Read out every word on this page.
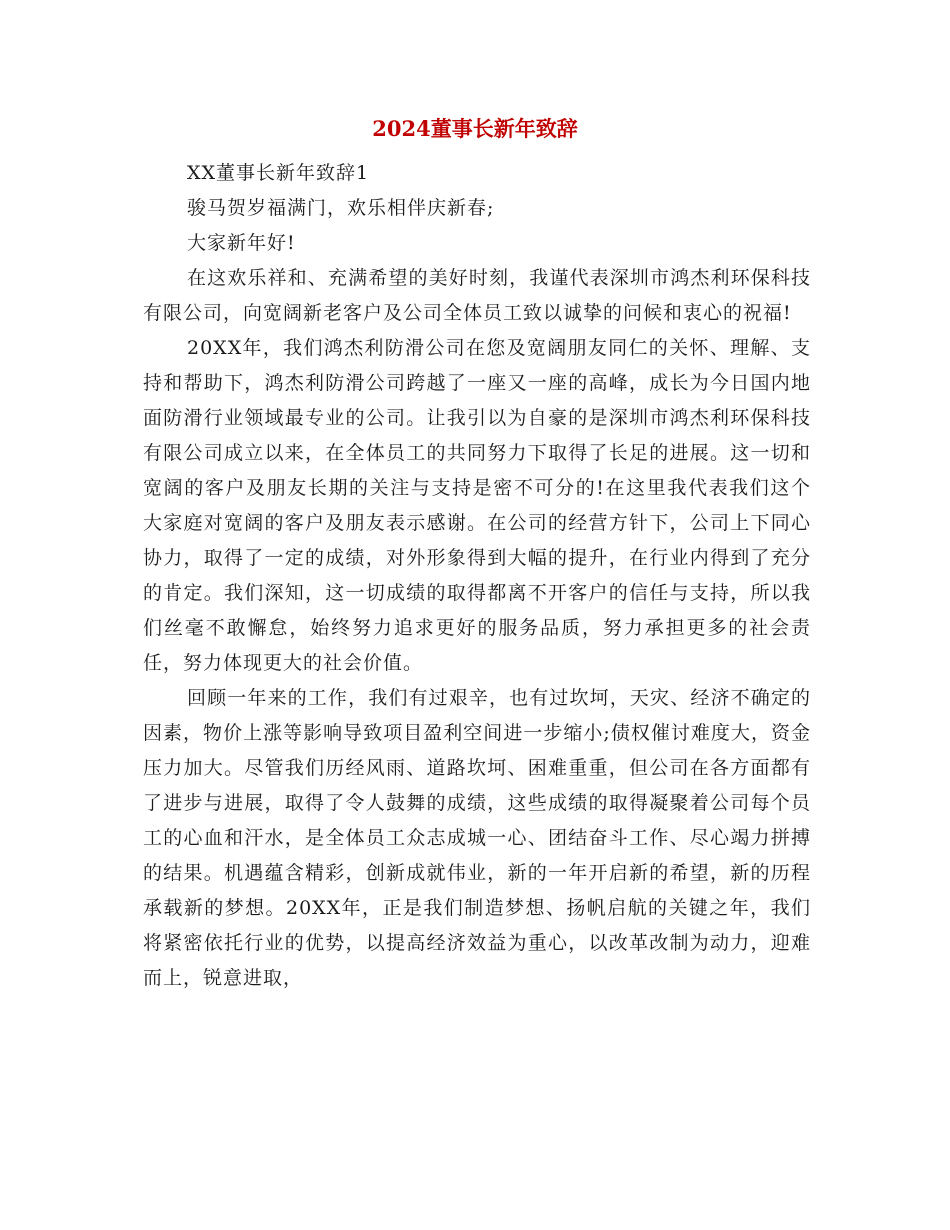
2024董事长新年致辞

XX董事长新年致辞1

骏马贺岁福满门，欢乐相伴庆新春;

大家新年好!

在这欢乐祥和、充满希望的美好时刻，我谨代表深圳市鸿杰利环保科技有限公司，向宽阔新老客户及公司全体员工致以诚挚的问候和衷心的祝福!

20XX年，我们鸿杰利防滑公司在您及宽阔朋友同仁的关怀、理解、支持和帮助下，鸿杰利防滑公司跨越了一座又一座的高峰，成长为今日国内地面防滑行业领域最专业的公司。让我引以为自豪的是深圳市鸿杰利环保科技有限公司成立以来，在全体员工的共同努力下取得了长足的进展。这一切和宽阔的客户及朋友长期的关注与支持是密不可分的!在这里我代表我们这个大家庭对宽阔的客户及朋友表示感谢。在公司的经营方针下，公司上下同心协力，取得了一定的成绩，对外形象得到大幅的提升，在行业内得到了充分的肯定。我们深知，这一切成绩的取得都离不开客户的信任与支持，所以我们丝毫不敢懈怠，始终努力追求更好的服务品质，努力承担更多的社会责任，努力体现更大的社会价值。

回顾一年来的工作，我们有过艰辛，也有过坎坷，天灾、经济不确定的因素，物价上涨等影响导致项目盈利空间进一步缩小;债权催讨难度大，资金压力加大。尽管我们历经风雨、道路坎坷、困难重重，但公司在各方面都有了进步与进展，取得了令人鼓舞的成绩，这些成绩的取得凝聚着公司每个员工的心血和汗水，是全体员工众志成城一心、团结奋斗工作、尽心竭力拼搏的结果。机遇蕴含精彩，创新成就伟业，新的一年开启新的希望，新的历程承载新的梦想。20XX年，正是我们制造梦想、扬帆启航的关键之年，我们将紧密依托行业的优势，以提高经济效益为重心，以改革改制为动力，迎难而上，锐意进取，
